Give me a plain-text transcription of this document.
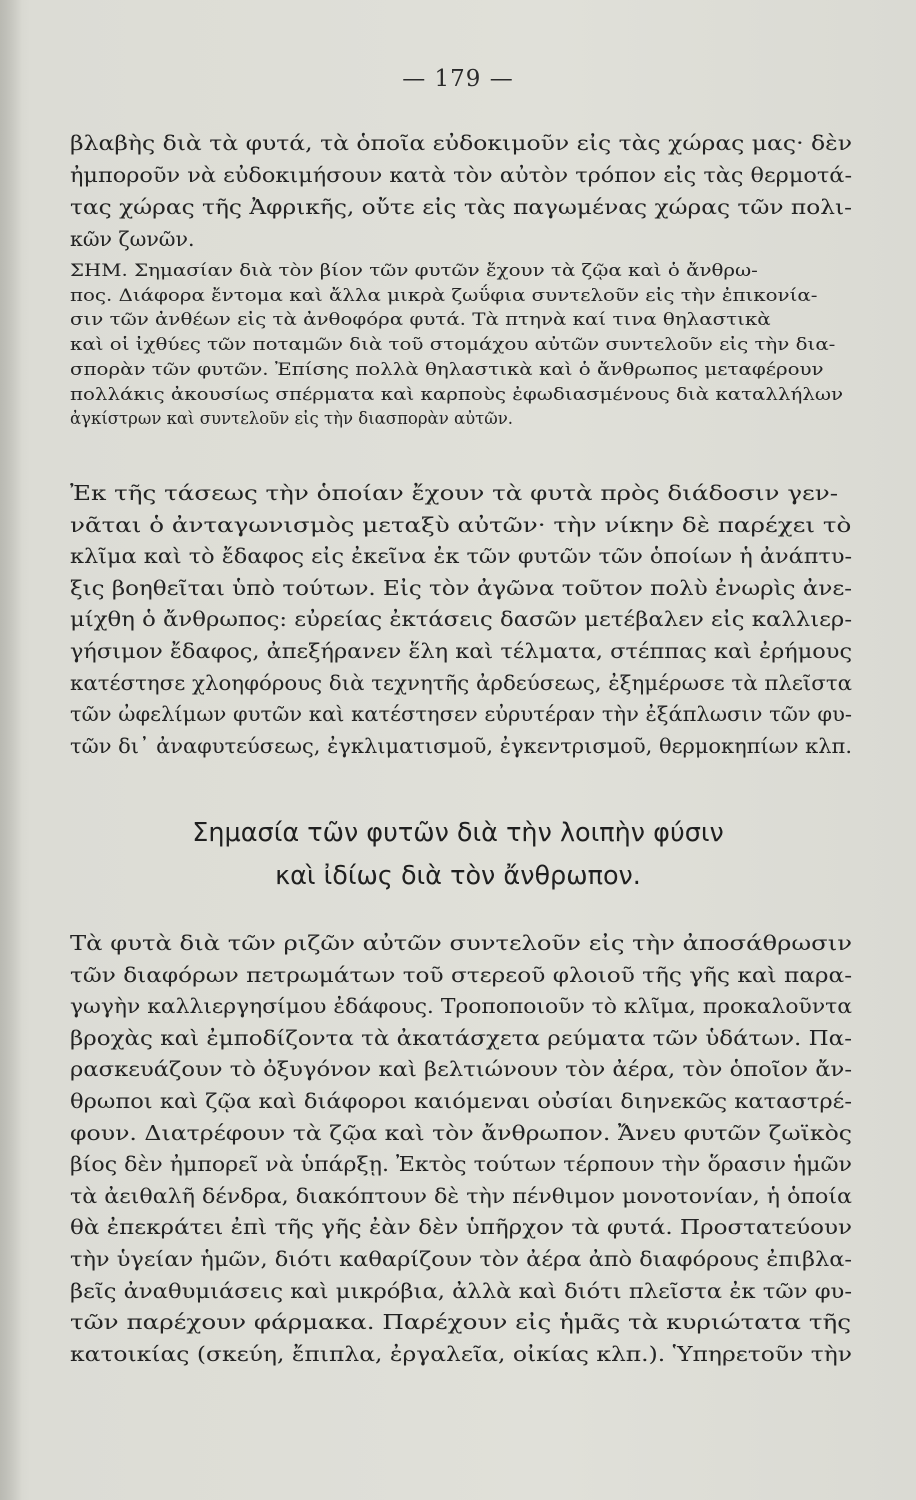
— 179 —
βλαβὴς διὰ τὰ φυτά, τὰ ὁποῖα εὐδοκιμοῦν εἰς τὰς χώρας μας· δὲν
ἠμποροῦν νὰ εὐδοκιμήσουν κατὰ τὸν αὐτὸν τρόπον εἰς τὰς θερμοτά-
τας χώρας τῆς Ἀφρικῆς, οὔτε εἰς τὰς παγωμένας χώρας τῶν πολι-
κῶν ζωνῶν.
ΣΗΜ. Σημασίαν διὰ τὸν βίον τῶν φυτῶν ἔχουν τὰ ζῷα καὶ ὁ ἄνθρω-
πος. Διάφορα ἔντομα καὶ ἄλλα μικρὰ ζωΰφια συντελοῦν εἰς τὴν ἐπικονία-
σιν τῶν ἀνθέων εἰς τὰ ἀνθοφόρα φυτά. Τὰ πτηνὰ καί τινα θηλαστικὰ
καὶ οἱ ἰχθύες τῶν ποταμῶν διὰ τοῦ στομάχου αὐτῶν συντελοῦν εἰς τὴν δια-
σπορὰν τῶν φυτῶν. Ἐπίσης πολλὰ θηλαστικὰ καὶ ὁ ἄνθρωπος μεταφέρουν
πολλάκις ἀκουσίως σπέρματα καὶ καρποὺς ἐφωδιασμένους διὰ καταλλήλων
ἀγκίστρων καὶ συντελοῦν εἰς τὴν διασπορὰν αὐτῶν.
Ἐκ τῆς τάσεως τὴν ὁποίαν ἔχουν τὰ φυτὰ πρὸς διάδοσιν γεν-
νᾶται ὁ ἀνταγωνισμὸς μεταξὺ αὐτῶν· τὴν νίκην δὲ παρέχει τὸ
κλῖμα καὶ τὸ ἔδαφος εἰς ἐκεῖνα ἐκ τῶν φυτῶν τῶν ὁποίων ἡ ἀνάπτυ-
ξις βοηθεῖται ὑπὸ τούτων. Εἰς τὸν ἀγῶνα τοῦτον πολὺ ἐνωρὶς ἀνε-
μίχθη ὁ ἄνθρωπος: εὐρείας ἐκτάσεις δασῶν μετέβαλεν εἰς καλλιερ-
γήσιμον ἔδαφος, ἀπεξήρανεν ἕλη καὶ τέλματα, στέππας καὶ ἐρήμους
κατέστησε χλοηφόρους διὰ τεχνητῆς ἀρδεύσεως, ἐξημέρωσε τὰ πλεῖστα
τῶν ὠφελίμων φυτῶν καὶ κατέστησεν εὐρυτέραν τὴν ἐξάπλωσιν τῶν φυ-
τῶν δι᾿ ἀναφυτεύσεως, ἐγκλιματισμοῦ, ἐγκεντρισμοῦ, θερμοκηπίων κλπ.
Σημασία τῶν φυτῶν διὰ τὴν λοιπὴν φύσιν
καὶ ἰδίως διὰ τὸν ἄνθρωπον.
Τὰ φυτὰ διὰ τῶν ριζῶν αὐτῶν συντελοῦν εἰς τὴν ἀποσάθρωσιν
τῶν διαφόρων πετρωμάτων τοῦ στερεοῦ φλοιοῦ τῆς γῆς καὶ παρα-
γωγὴν καλλιεργησίμου ἐδάφους. Τροποποιοῦν τὸ κλῖμα, προκαλοῦντα
βροχὰς καὶ ἐμποδίζοντα τὰ ἀκατάσχετα ρεύματα τῶν ὑδάτων. Πα-
ρασκευάζουν τὸ ὀξυγόνον καὶ βελτιώνουν τὸν ἀέρα, τὸν ὁποῖον ἄν-
θρωποι καὶ ζῷα καὶ διάφοροι καιόμεναι οὐσίαι διηνεκῶς καταστρέ-
φουν. Διατρέφουν τὰ ζῷα καὶ τὸν ἄνθρωπον. Ἄνευ φυτῶν ζωϊκὸς
βίος δὲν ἠμπορεῖ νὰ ὑπάρξῃ. Ἐκτὸς τούτων τέρπουν τὴν ὅρασιν ἡμῶν
τὰ ἀειθαλῆ δένδρα, διακόπτουν δὲ τὴν πένθιμον μονοτονίαν, ἡ ὁποία
θὰ ἐπεκράτει ἐπὶ τῆς γῆς ἐὰν δὲν ὑπῆρχον τὰ φυτά. Προστατεύουν
τὴν ὑγείαν ἡμῶν, διότι καθαρίζουν τὸν ἀέρα ἀπὸ διαφόρους ἐπιβλα-
βεῖς ἀναθυμιάσεις καὶ μικρόβια, ἀλλὰ καὶ διότι πλεῖστα ἐκ τῶν φυ-
τῶν παρέχουν φάρμακα. Παρέχουν εἰς ἡμᾶς τὰ κυριώτατα τῆς
κατοικίας (σκεύη, ἔπιπλα, ἐργαλεῖα, οἰκίας κλπ.). Ὑπηρετοῦν τὴν
